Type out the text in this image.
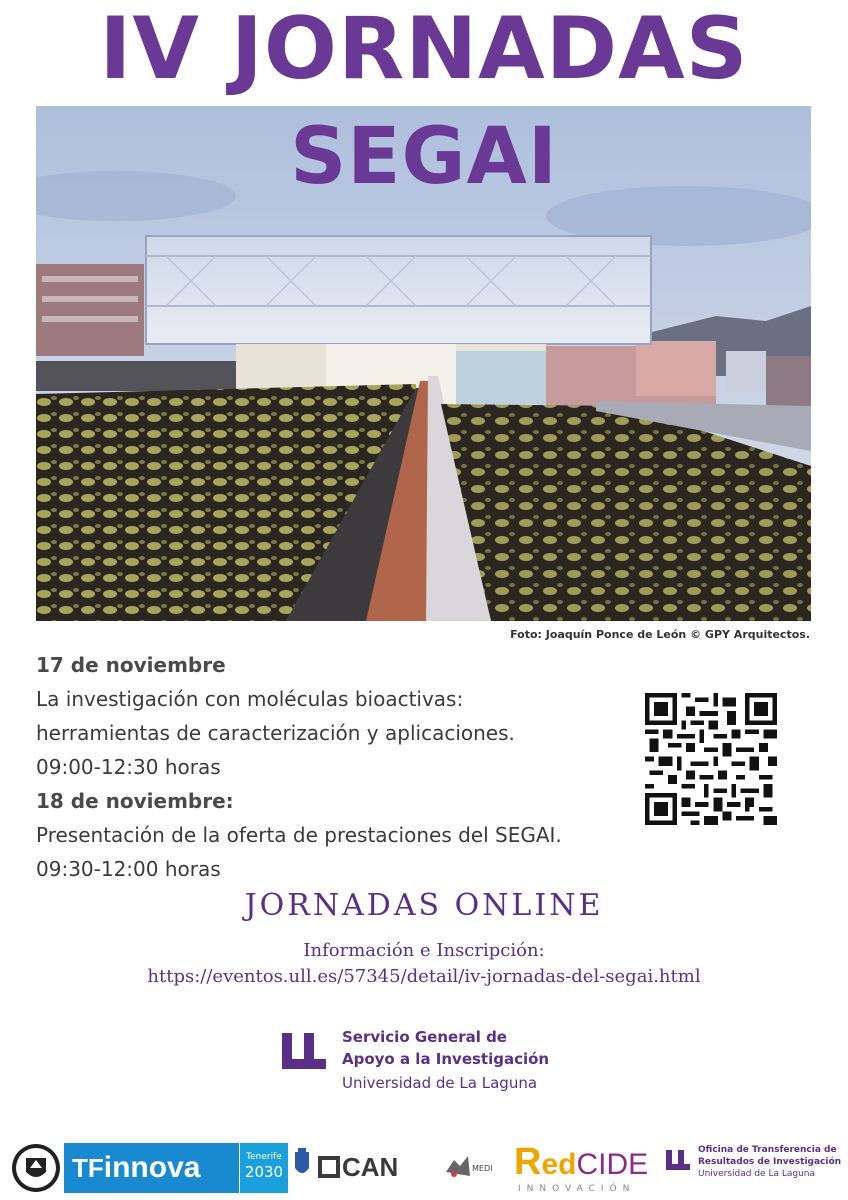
IV JORNADAS
SEGAI
Foto: Joaquín Ponce de León © GPY Arquitectos.
17 de noviembre
La investigación con moléculas bioactivas:
herramientas de caracterización y aplicaciones.
09:00-12:30 horas
18 de noviembre:
Presentación de la oferta de prestaciones del SEGAI.
09:30-12:00 horas
JORNADAS ONLINE
Información e Inscripción:
https://eventos.ull.es/57345/detail/iv-jornadas-del-segai.html
Servicio General de
Apoyo a la Investigación
Universidad de La Laguna
TFinnova	Tenerife
2030	CAN	MEDI RedCIDE
INNOVACIÓN
Oficina de Transferencia de
Resultados de Investigación
Universidad de La Laguna
